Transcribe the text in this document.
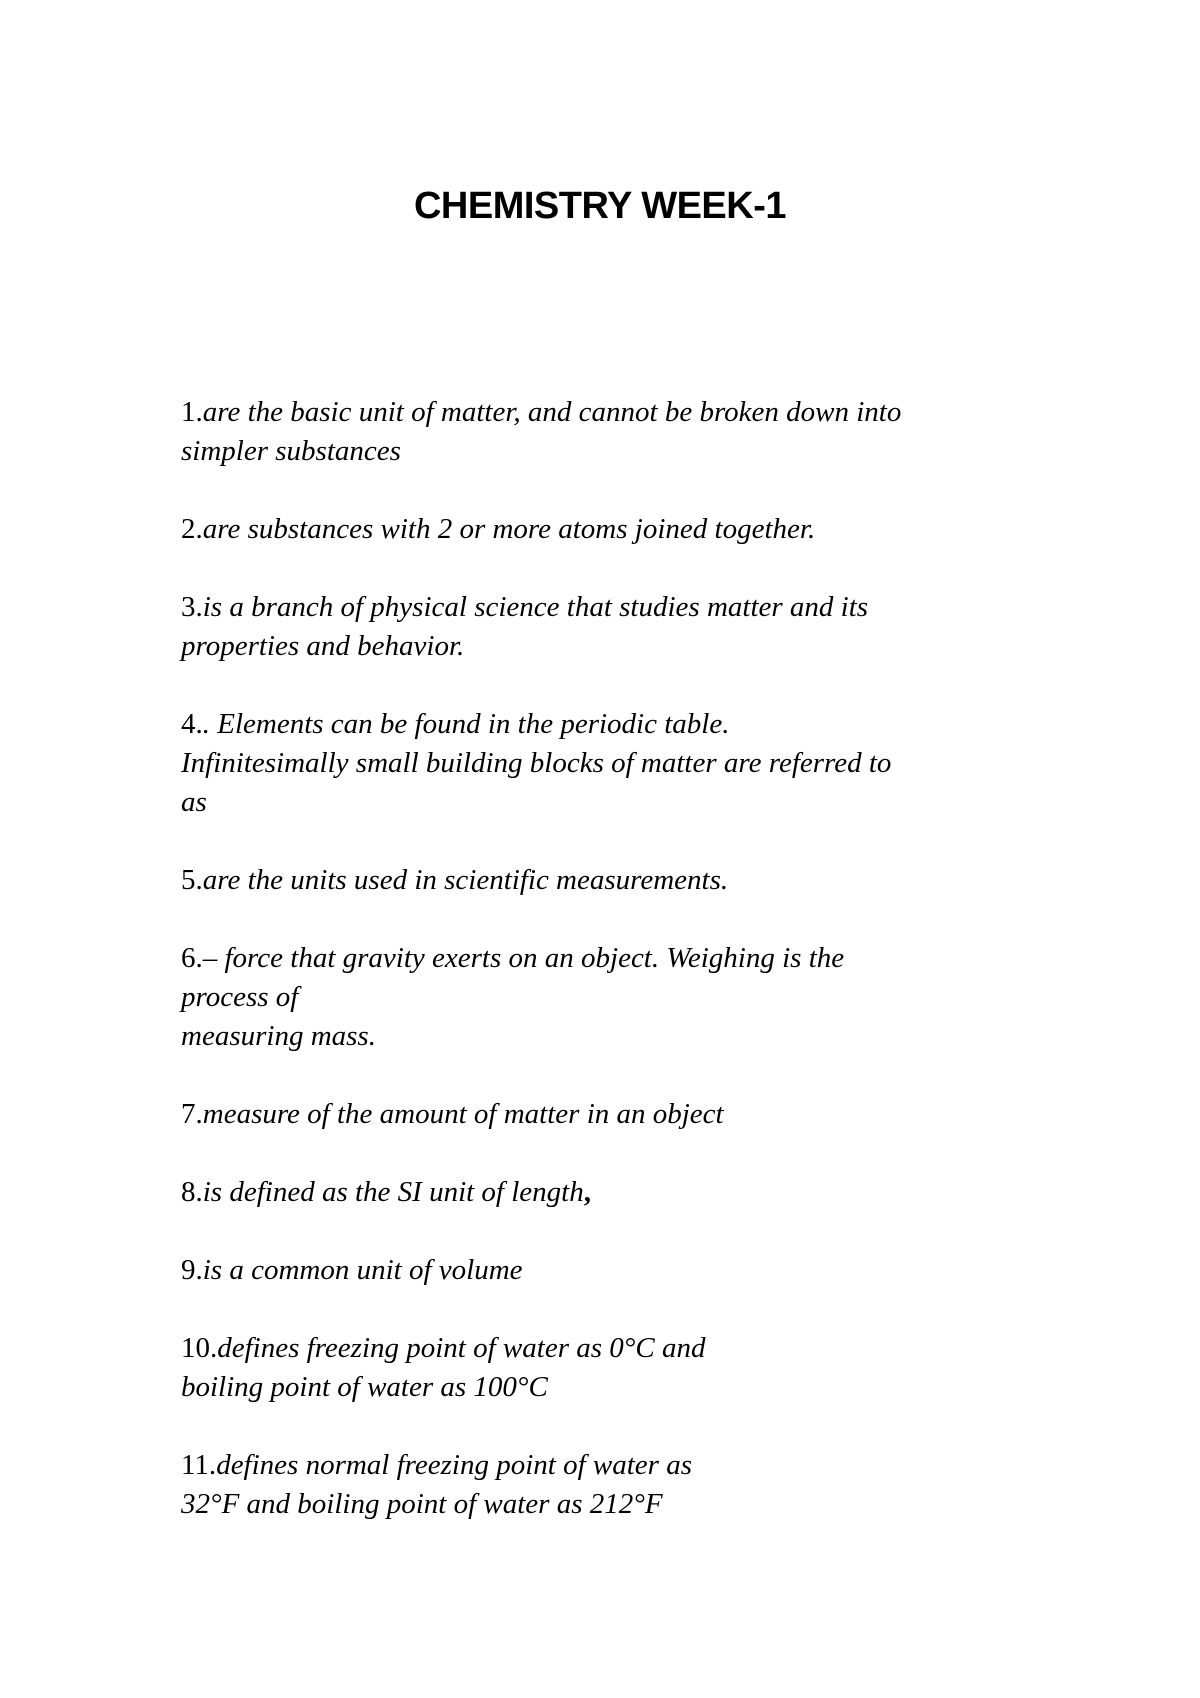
CHEMISTRY WEEK-1
1.are the basic unit of matter, and cannot be broken down into
simpler substances
2.are substances with 2 or more atoms joined together.
3.is a branch of physical science that studies matter and its
properties and behavior.
4.. Elements can be found in the periodic table.
Infinitesimally small building blocks of matter are referred to
as
5.are the units used in scientific measurements.
6.– force that gravity exerts on an object. Weighing is the
process of
measuring mass.
7.measure of the amount of matter in an object
8.is defined as the SI unit of length,
9.is a common unit of volume
10.defines freezing point of water as 0°C and
boiling point of water as 100°C
11.defines normal freezing point of water as
32°F and boiling point of water as 212°F
